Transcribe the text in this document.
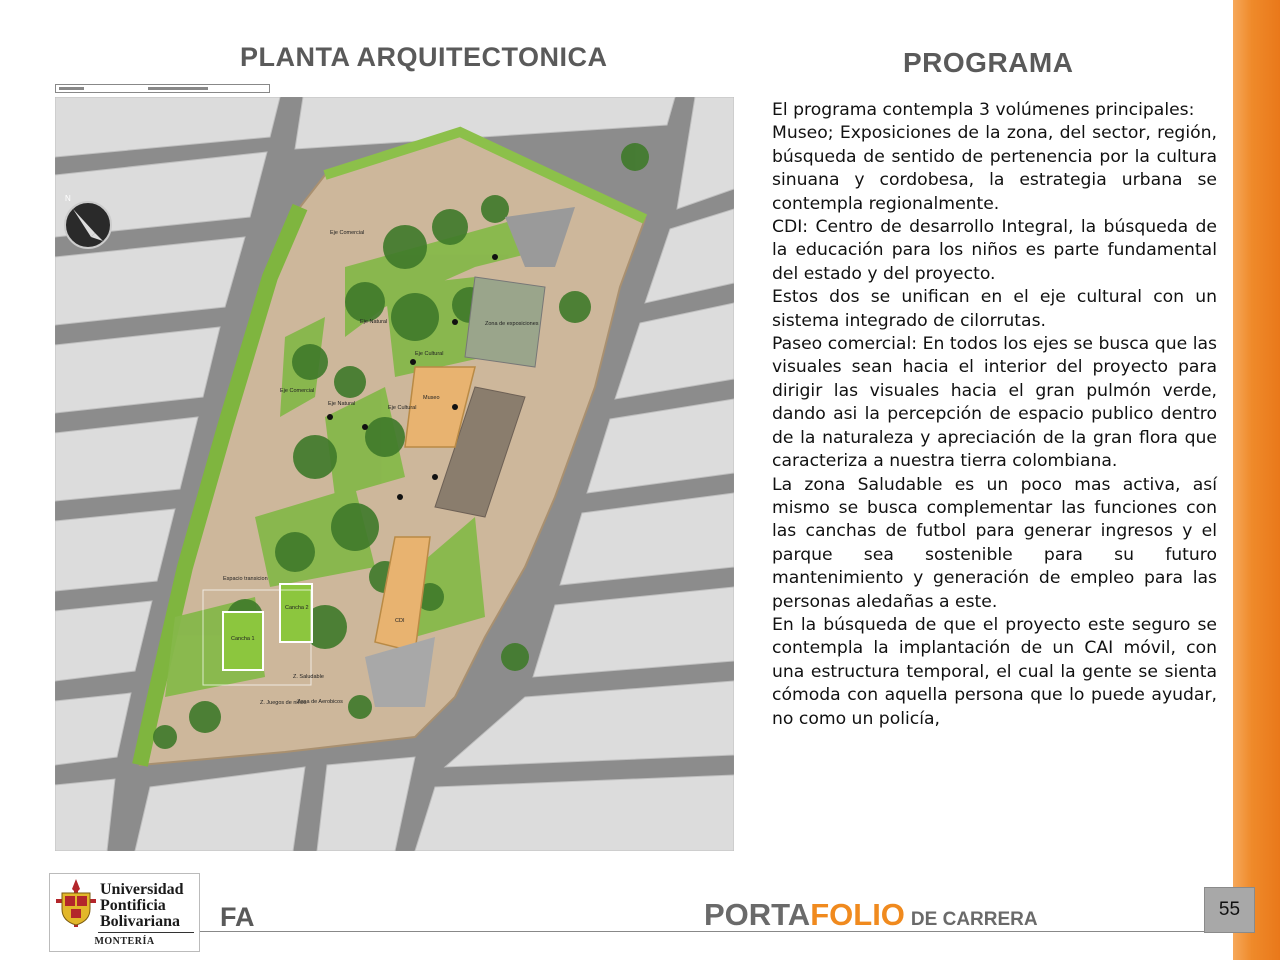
PLANTA ARQUITECTONICA	PROGRAMA
N
Eje Comercial
Eje Comercial
Eje Natural
Eje Natural
Eje Cultural
Eje Cultural
Zona de exposiciones
Museo
CDI
Espacio transicion
Cancha 1
Cancha 2
Z. Saludable
Zona de Aerobicos
Z. Juegos de niños

El programa contempla 3 volúmenes principales:

Museo; Exposiciones de la zona, del sector, región, búsqueda de sentido de pertenencia por la cultura sinuana y cordobesa, la estrategia urbana se contempla regionalmente.

CDI: Centro de desarrollo Integral, la búsqueda de la educación para los niños es parte fundamental del estado y del proyecto.

Estos dos se unifican en el eje cultural con un sistema integrado de cilorrutas.

Paseo comercial: En todos los ejes se busca que las visuales sean hacia el interior del proyecto para dirigir las visuales hacia el gran pulmón verde, dando asi la percepción de espacio publico dentro de la naturaleza y apreciación de la gran flora que caracteriza a nuestra tierra colombiana.

La zona Saludable es un poco mas activa, así mismo se busca complementar las funciones con las canchas de futbol para generar ingresos y el parque sea sostenible para su futuro mantenimiento y generación de empleo para las personas aledañas a este.

En la búsqueda de que el proyecto este seguro se contempla la implantación de un CAI móvil, con una estructura temporal, el cual la gente se sienta cómoda con aquella persona que lo puede ayudar, no como un policía,

Universidad
Pontificia
Bolivariana
MONTERÍA
FA	PORTAFOLIO DE CARRERA	55
